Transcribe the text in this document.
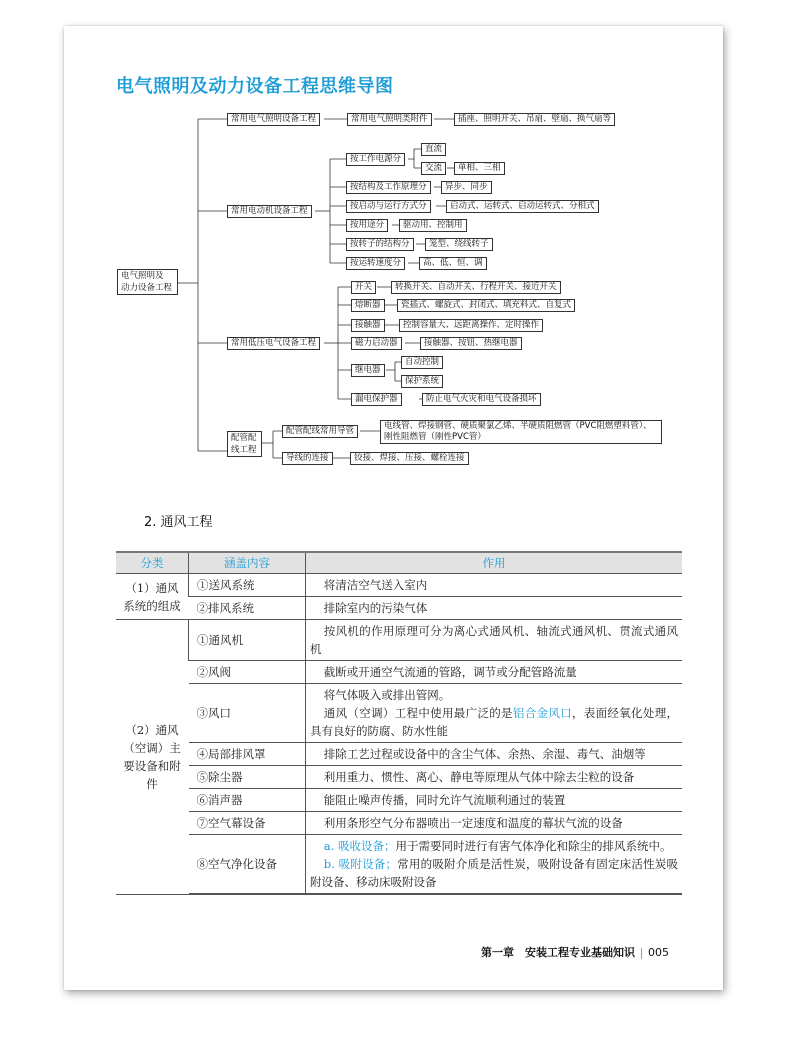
电气照明及动力设备工程思维导图
电气照明及
动力设备工程
常用电气照明设备工程	常用电气照明类附件	插座、照明开关、吊扇、壁扇、换气扇等
常用电动机设备工程
按工作电源分
直流
交流	单相、三相
按结构及工作原理分	异步、同步
按启动与运行方式分	启动式、运转式、启动运转式、分相式
按用途分	驱动用、控制用
按转子的结构分	笼型、绕线转子
按运转速度分	高、低、恒、调
常用低压电气设备工程
开关	转换开关、自动开关、行程开关、接近开关
熔断器	瓷插式、螺旋式、封闭式、填充料式、自复式
接触器	控制容量大、远距离操作、定时操作
磁力启动器	接触器、按钮、热继电器
继电器
自动控制
保护系统
漏电保护器	防止电气火灾和电气设备损坏
配管配
线工程
配管配线常用导管	电线管、焊接钢管、硬质聚氯乙烯、半硬质阻燃管（PVC阻燃塑料管）、刚性阻燃管（刚性PVC管）
导线的连接	铰接、焊接、压接、螺栓连接
2. 通风工程
分类	涵盖内容	作用
（1）通风系统的组成	①送风系统	将清洁空气送入室内

	②排风系统	排除室内的污染气体

（2）通风（空调）主要设备和附件	①通风机	按风机的作用原理可分为离心式通风机、轴流式通风机、贯流式通风机

	②风阀	截断或开通空气流通的管路，调节或分配管路流量

	③风口	将气体吸入或排出管网。
通风（空调）工程中使用最广泛的是铝合金风口，表面经氧化处理，具有良好的防腐、防水性能

	④局部排风罩	排除工艺过程或设备中的含尘气体、余热、余湿、毒气、油烟等

	⑤除尘器	利用重力、惯性、离心、静电等原理从气体中除去尘粒的设备

	⑥消声器	能阻止噪声传播，同时允许气流顺利通过的装置

	⑦空气幕设备	利用条形空气分布器喷出一定速度和温度的幕状气流的设备

	⑧空气净化设备	a. 吸收设备；用于需要同时进行有害气体净化和除尘的排风系统中。
b. 吸附设备；常用的吸附介质是活性炭，吸附设备有固定床活性炭吸附设备、移动床吸附设备
第一章　安装工程专业基础知识 005
